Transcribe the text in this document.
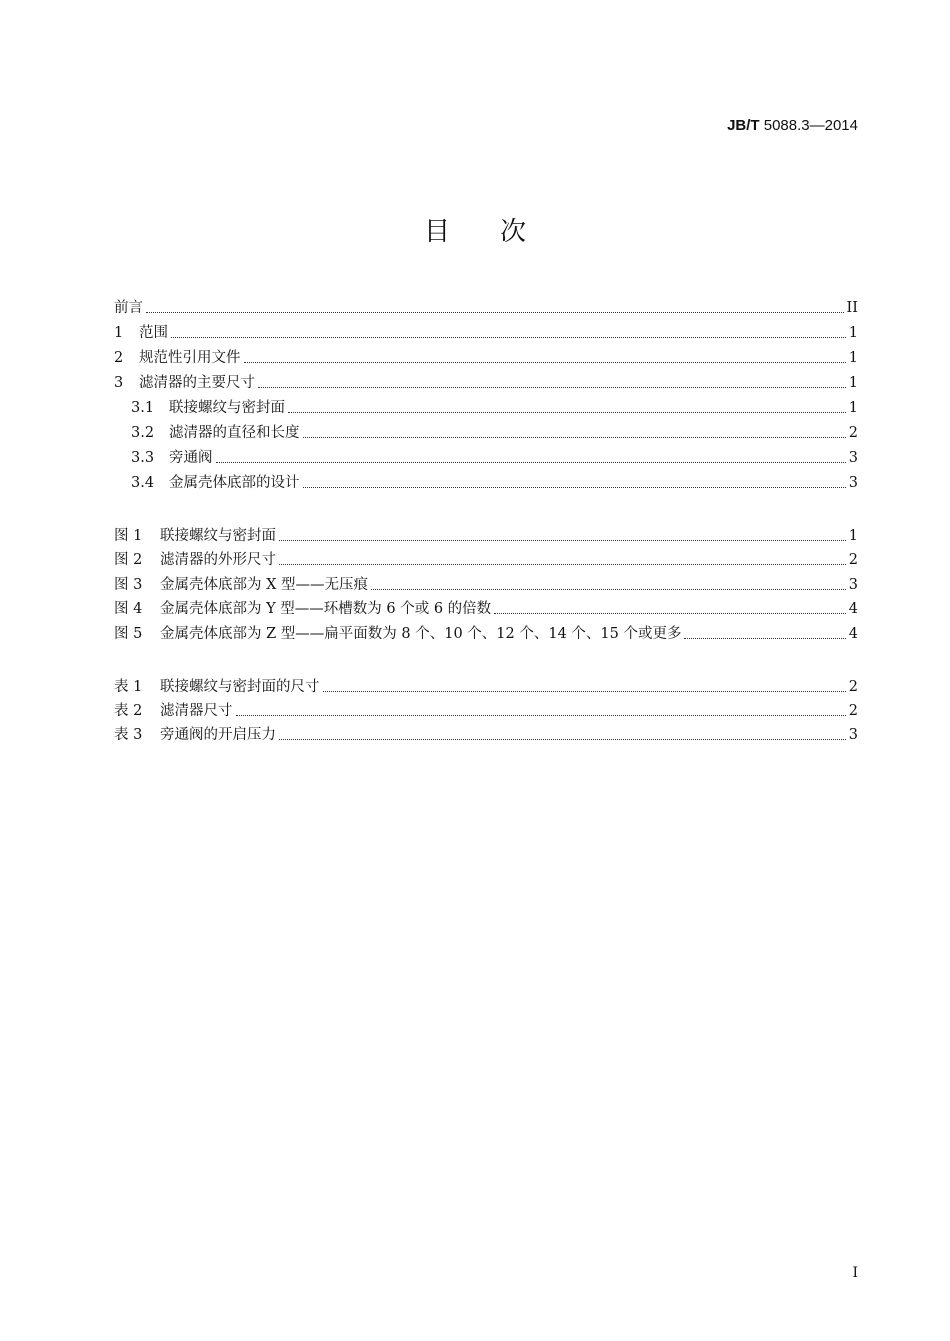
JB/T 5088.3—2014
目 次
前言	II
1	范围	1
2	规范性引用文件	1
3	滤清器的主要尺寸	1
3.1	联接螺纹与密封面	1
3.2	滤清器的直径和长度	2
3.3	旁通阀	3
3.4	金属壳体底部的设计	3
图 1	联接螺纹与密封面	1
图 2	滤清器的外形尺寸	2
图 3	金属壳体底部为 X 型——无压痕	3
图 4	金属壳体底部为 Y 型——环槽数为 6 个或 6 的倍数	4
图 5	金属壳体底部为 Z 型——扁平面数为 8 个、10 个、12 个、14 个、15 个或更多	4
表 1	联接螺纹与密封面的尺寸	2
表 2	滤清器尺寸	2
表 3	旁通阀的开启压力	3
I
